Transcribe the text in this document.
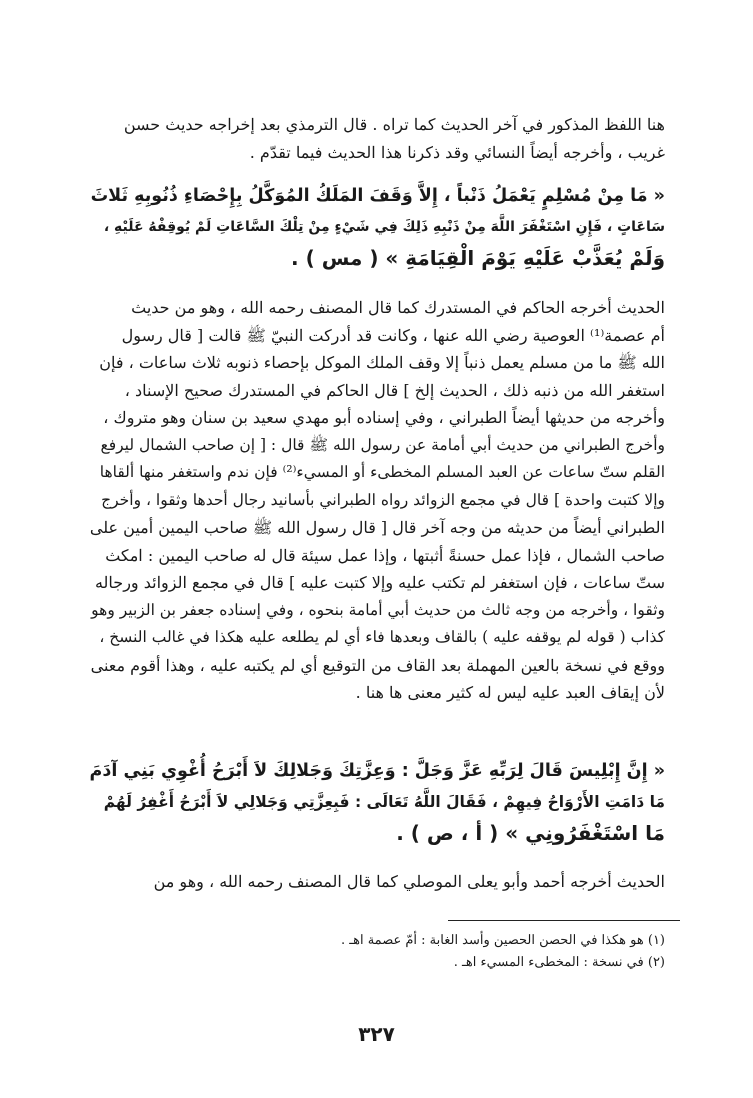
هنا اللفظ المذكور في آخر الحديث كما تراه . قال الترمذي بعد إخراجه حديث حسن
غريب ، وأخرجه أيضاً النسائي وقد ذكرنا هذا الحديث فيما تقدّم .
« مَا مِنْ مُسْلِمٍ يَعْمَلُ ذَنْباً ، إِلاَّ وَقَفَ المَلَكُ المُوَكَّلُ بِإِحْصَاءِ ذُنُوبِهِ ثَلاثَ
سَاعَاتٍ ، فَإِنِ اسْتَغْفَرَ اللَّهَ مِنْ ذَنْبِهِ ذَلِكَ فِي شَيْءٍ مِنْ تِلْكَ السَّاعَاتِ لَمْ يُوقِفْهُ عَلَيْهِ ،
وَلَمْ يُعَذَّبْ عَلَيْهِ يَوْمَ الْقِيَامَةِ » ( مس ) .
الحديث أخرجه الحاكم في المستدرك كما قال المصنف رحمه الله ، وهو من حديث
أم عصمة⁽¹⁾ العوصية رضي الله عنها ، وكانت قد أدركت النبيّ ﷺ قالت [ قال رسول
الله ﷺ ما من مسلم يعمل ذنباً إلا وقف الملك الموكل بإحصاء ذنوبه ثلاث ساعات ، فإن
استغفر الله من ذنبه ذلك ، الحديث إلخ ] قال الحاكم في المستدرك صحيح الإسناد ،
وأخرجه من حديثها أيضاً الطبراني ، وفي إسناده أبو مهدي سعيد بن سنان وهو متروك ،
وأخرج الطبراني من حديث أبي أمامة عن رسول الله ﷺ قال : [ إن صاحب الشمال ليرفع
القلم ستّ ساعات عن العبد المسلم المخطىء أو المسيء⁽²⁾ فإن ندم واستغفر منها ألقاها
وإلا كتبت واحدة ] قال في مجمع الزوائد رواه الطبراني بأسانيد رجال أحدها وثقوا ، وأخرج
الطبراني أيضاً من حديثه من وجه آخر قال [ قال رسول الله ﷺ صاحب اليمين أمين على
صاحب الشمال ، فإذا عمل حسنةً أثبتها ، وإذا عمل سيئة قال له صاحب اليمين : امكث
ستّ ساعات ، فإن استغفر لم تكتب عليه وإلا كتبت عليه ] قال في مجمع الزوائد ورجاله
وثقوا ، وأخرجه من وجه ثالث من حديث أبي أمامة بنحوه ، وفي إسناده جعفر بن الزبير وهو
كذاب ( قوله لم يوقفه عليه ) بالقاف وبعدها فاء أي لم يطلعه عليه هكذا في غالب النسخ ،
ووقع في نسخة بالعين المهملة بعد القاف من التوقيع أي لم يكتبه عليه ، وهذا أقوم معنى
لأن إيقاف العبد عليه ليس له كثير معنى ها هنا .
« إِنَّ إِبْلِيسَ قَالَ لِرَبِّهِ عَزَّ وَجَلَّ : وَعِزَّتِكَ وَجَلالِكَ لاَ أَبْرَحُ أُغْوِي بَنِي آدَمَ
مَا دَامَتِ الأَرْوَاحُ فِيهِمْ ، فَقَالَ اللَّهُ تَعَالَى : فَبِعِزَّتِي وَجَلالِي لاَ أَبْرَحُ أَغْفِرُ لَهُمْ
مَا اسْتَغْفَرُونِي » ( أ ، ص ) .
الحديث أخرجه أحمد وأبو يعلى الموصلي كما قال المصنف رحمه الله ، وهو من
(١) هو هكذا في الحصن الحصين وأسد الغابة : أمّ عصمة اهـ .
(٢) في نسخة : المخطىء المسيء اهـ .
٣٢٧
